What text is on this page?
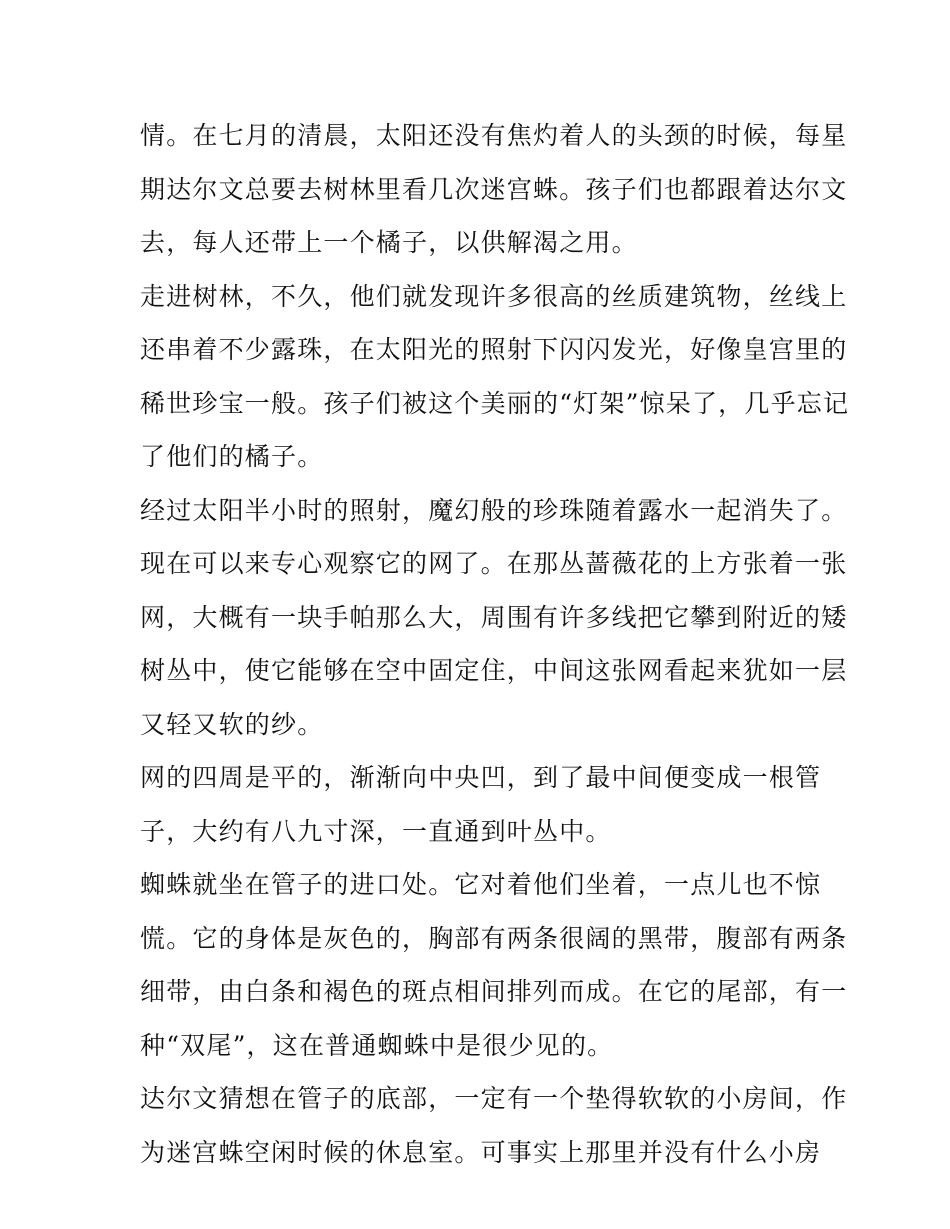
情。在七月的清晨，太阳还没有焦灼着人的头颈的时候，每星
期达尔文总要去树林里看几次迷宫蛛。孩子们也都跟着达尔文
去，每人还带上一个橘子，以供解渴之用。

走进树林，不久，他们就发现许多很高的丝质建筑物，丝线上
还串着不少露珠，在太阳光的照射下闪闪发光，好像皇宫里的
稀世珍宝一般。孩子们被这个美丽的“灯架”惊呆了，几乎忘记
了他们的橘子。

经过太阳半小时的照射，魔幻般的珍珠随着露水一起消失了。

现在可以来专心观察它的网了。在那丛蔷薇花的上方张着一张
网，大概有一块手帕那么大，周围有许多线把它攀到附近的矮
树丛中，使它能够在空中固定住，中间这张网看起来犹如一层
又轻又软的纱。

网的四周是平的，渐渐向中央凹，到了最中间便变成一根管
子，大约有八九寸深，一直通到叶丛中。

蜘蛛就坐在管子的进口处。它对着他们坐着，一点儿也不惊
慌。它的身体是灰色的，胸部有两条很阔的黑带，腹部有两条
细带，由白条和褐色的斑点相间排列而成。在它的尾部，有一
种“双尾”，这在普通蜘蛛中是很少见的。

达尔文猜想在管子的底部，一定有一个垫得软软的小房间，作
为迷宫蛛空闲时候的休息室。可事实上那里并没有什么小房
